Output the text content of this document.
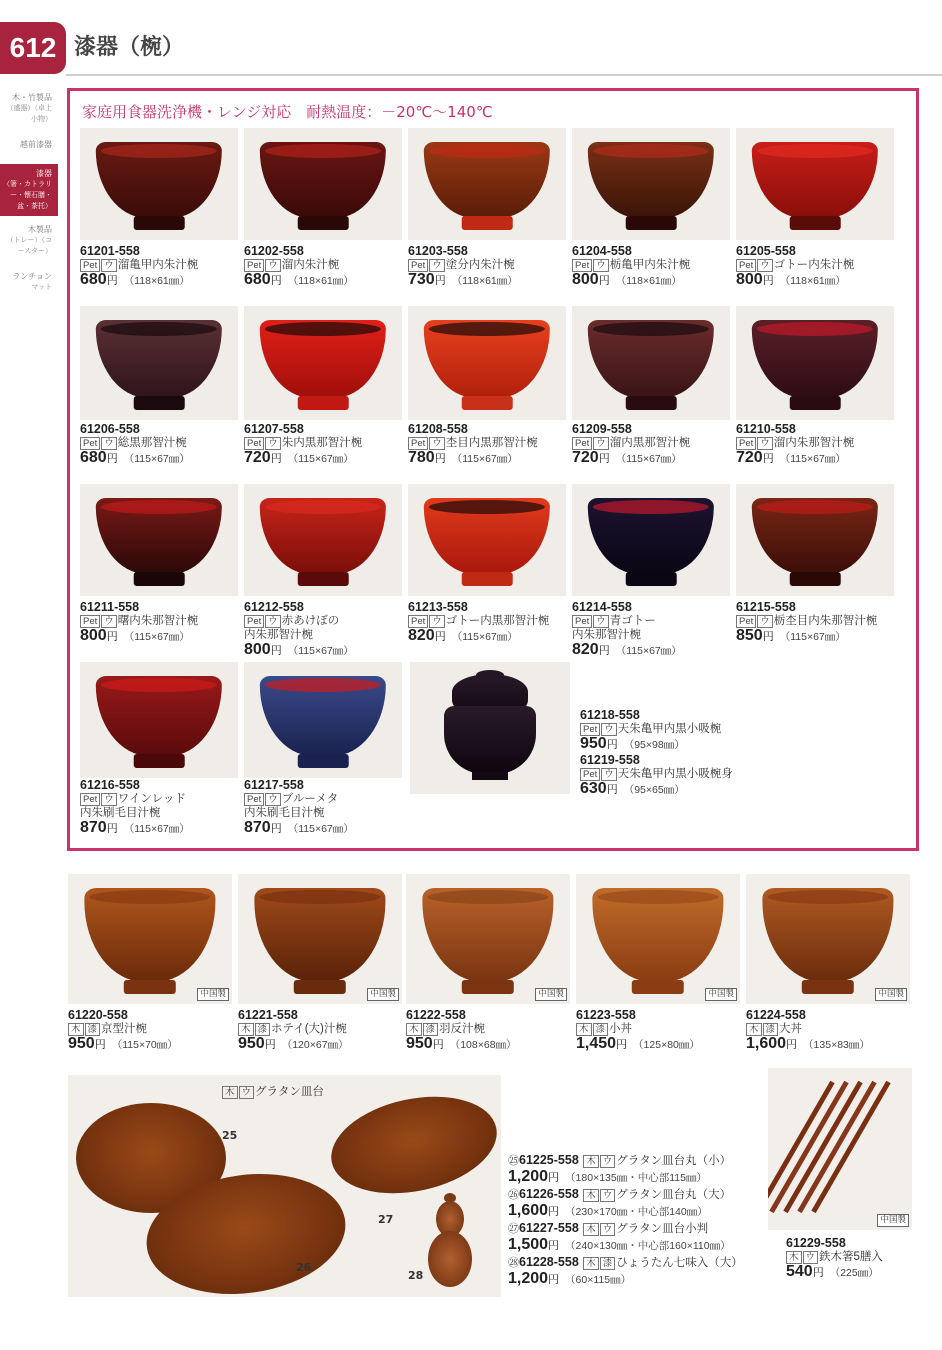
612 漆器（椀）
木・竹製品
（盛器）（卓上小物）
越前漆器
漆器
（箸・カトラリー・懐石膳・盆・茶托）
木製品
（トレー）（コースター）
ランチョン
マット
家庭用食器洗浄機・レンジ対応　耐熱温度：－20℃～140℃
61201-558
Pet ウ 溜亀甲内朱汁椀
680円 （118×61㎜）
61202-558
Pet ウ 溜内朱汁椀
680円 （118×61㎜）
61203-558
Pet ウ 塗分内朱汁椀
730円 （118×61㎜）
61204-558
Pet ウ 栃亀甲内朱汁椀
800円 （118×61㎜）
61205-558
Pet ウ ゴトー内朱汁椀
800円 （118×61㎜）
61206-558
Pet ウ 総黒那智汁椀
680円 （115×67㎜）
61207-558
Pet ウ 朱内黒那智汁椀
720円 （115×67㎜）
61208-558
Pet ウ 杢目内黒那智汁椀
780円 （115×67㎜）
61209-558
Pet ウ 溜内黒那智汁椀
720円 （115×67㎜）
61210-558
Pet ウ 溜内朱那智汁椀
720円 （115×67㎜）
61211-558
Pet ウ 曙内朱那智汁椀
800円 （115×67㎜）
61212-558
Pet ウ 赤あけぼの
内朱那智汁椀
800円 （115×67㎜）
61213-558
Pet ウ ゴトー内黒那智汁椀
820円 （115×67㎜）
61214-558
Pet ウ 青ゴトー
内朱那智汁椀
820円 （115×67㎜）
61215-558
Pet ウ 栃杢目内朱那智汁椀
850円 （115×67㎜）
61216-558
Pet ウ ワインレッド
内朱刷毛目汁椀
870円 （115×67㎜）
61217-558
Pet ウ ブルーメタ
内朱刷毛目汁椀
870円 （115×67㎜）
中国製
61220-558
木 漆 京型汁椀
950円 （115×70㎜）
中国製
61221-558
木 漆 ホテイ(大)汁椀
950円 （120×67㎜）
中国製
61222-558
木 漆 羽反汁椀
950円 （108×68㎜）
中国製
61223-558
木 漆 小丼
1,450円 （125×80㎜）
中国製
61224-558
木 漆 大丼
1,600円 （135×83㎜）
61218-558
Pet ウ 天朱亀甲内黒小吸椀
950円 （95×98㎜）
61219-558
Pet ウ 天朱亀甲内黒小吸椀身
630円 （95×65㎜）
木 ウ グラタン皿台
25
26
27
28
㉕61225-558 木 ウ グラタン皿台丸（小）
1,200円 （180×135㎜・中心部115㎜）
㉖61226-558 木 ウ グラタン皿台丸（大）
1,600円 （230×170㎜・中心部140㎜）
㉗61227-558 木 ウ グラタン皿台小判
1,500円 （240×130㎜・中心部160×110㎜）
㉘61228-558 木 漆 ひょうたん七味入（大）
1,200円 （60×115㎜）
中国製
61229-558
木 ウ 鉄木箸5膳入
540円 （225㎜）
